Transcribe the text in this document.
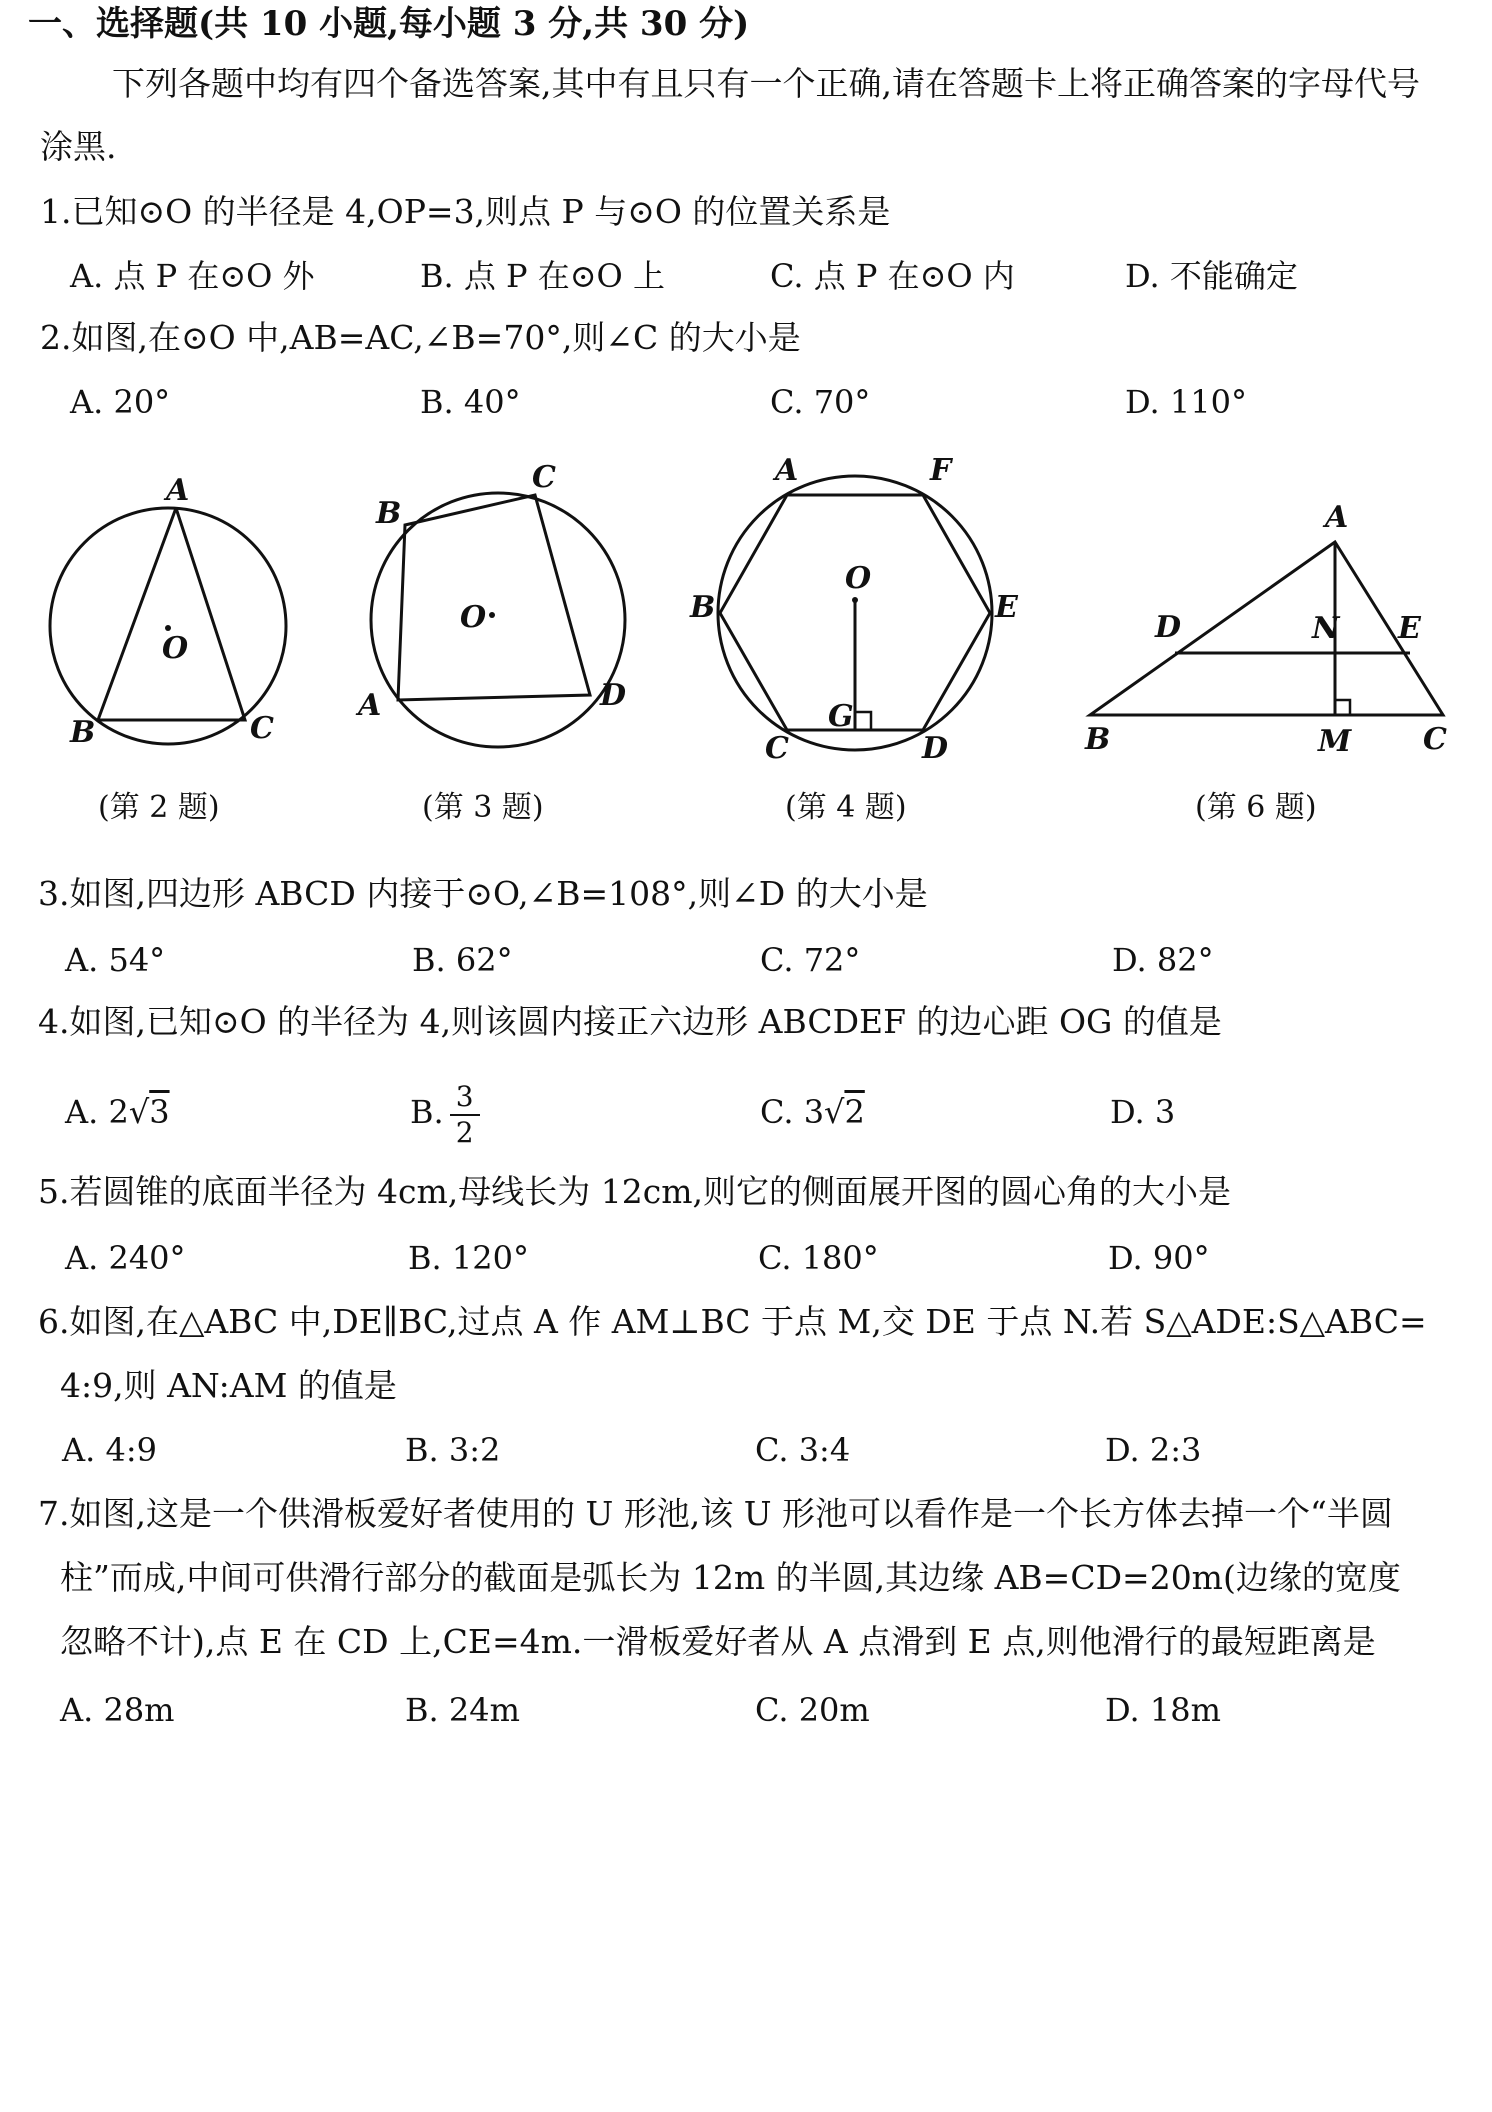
一、选择题(共 10 小题,每小题 3 分,共 30 分)
下列各题中均有四个备选答案,其中有且只有一个正确,请在答题卡上将正确答案的字母代号
涂黑.
1.已知⊙O 的半径是 4,OP=3,则点 P 与⊙O 的位置关系是
A. 点 P 在⊙O 外	B. 点 P 在⊙O 上	C. 点 P 在⊙O 内	D. 不能确定
2.如图,在⊙O 中,AB=AC,∠B=70°,则∠C 的大小是
A. 20°	B. 40°	C. 70°	D. 110°
A
B	C
O
(第 2 题)
B
C
D
A
O
(第 3 题)
A	F
B	E
C	D
O
G
(第 4 题)
A
D	N E
B	M C
(第 6 题)
3.如图,四边形 ABCD 内接于⊙O,∠B=108°,则∠D 的大小是
A. 54°	B. 62°	C. 72°	D. 82°
4.如图,已知⊙O 的半径为 4,则该圆内接正六边形 ABCDEF 的边心距 OG 的值是
A. 2√3	B. $\frac{3}{2}$	C. 3√2	D. 3
5.若圆锥的底面半径为 4cm,母线长为 12cm,则它的侧面展开图的圆心角的大小是
A. 240°	B. 120°	C. 180°	D. 90°
6.如图,在△ABC 中,DE∥BC,过点 A 作 AM⊥BC 于点 M,交 DE 于点 N.若 S△ADE:S△ABC=
4:9,则 AN:AM 的值是
A. 4:9	B. 3:2	C. 3:4	D. 2:3
7.如图,这是一个供滑板爱好者使用的 U 形池,该 U 形池可以看作是一个长方体去掉一个“半圆
柱”而成,中间可供滑行部分的截面是弧长为 12m 的半圆,其边缘 AB=CD=20m(边缘的宽度
忽略不计),点 E 在 CD 上,CE=4m.一滑板爱好者从 A 点滑到 E 点,则他滑行的最短距离是
A. 28m	B. 24m	C. 20m	D. 18m
